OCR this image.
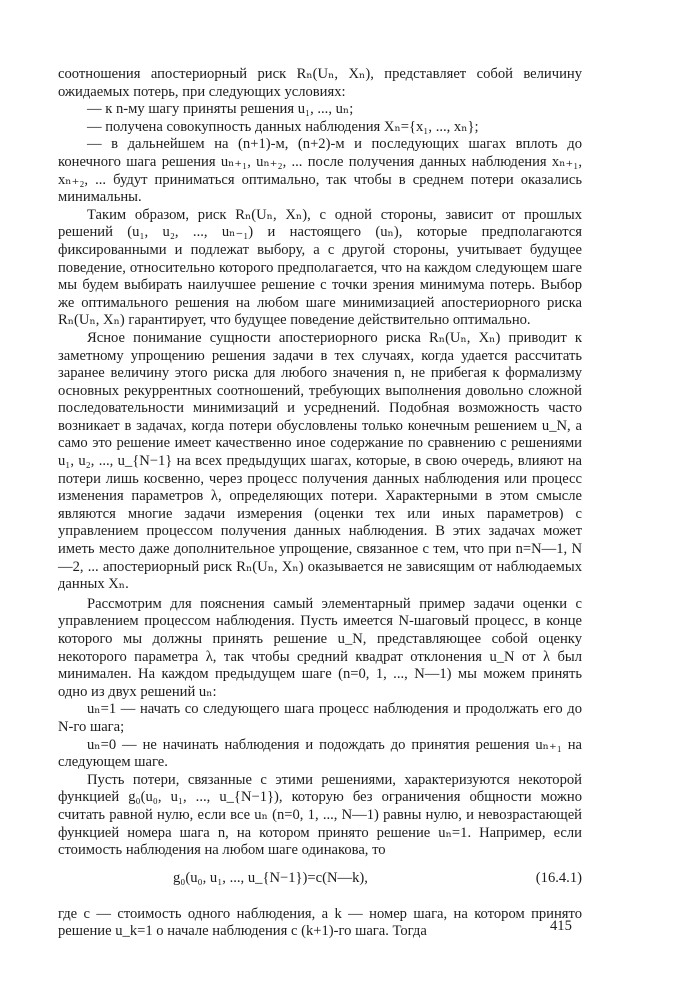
соотношения апостериорный риск Rₙ(Uₙ, Xₙ), представляет собой величину ожидаемых потерь, при следующих условиях:

— к n-му шагу приняты решения u₁, ..., uₙ;

— получена совокупность данных наблюдения Xₙ={x₁, ..., xₙ};

— в дальнейшем на (n+1)-м, (n+2)-м и последующих шагах вплоть до конечного шага решения uₙ₊₁, uₙ₊₂, ... после получения данных наблюдения xₙ₊₁, xₙ₊₂, ... будут приниматься оптимально, так чтобы в среднем потери оказались минимальны.

Таким образом, риск Rₙ(Uₙ, Xₙ), с одной стороны, зависит от прошлых решений (u₁, u₂, ..., uₙ₋₁) и настоящего (uₙ), которые предполагаются фиксированными и подлежат выбору, а с другой стороны, учитывает будущее поведение, относительно которого предполагается, что на каждом следующем шаге мы будем выбирать наилучшее решение с точки зрения минимума потерь. Выбор же оптимального решения на любом шаге минимизацией апостериорного риска Rₙ(Uₙ, Xₙ) гарантирует, что будущее поведение действительно оптимально.

Ясное понимание сущности апостериорного риска Rₙ(Uₙ, Xₙ) приводит к заметному упрощению решения задачи в тех случаях, когда удается рассчитать заранее величину этого риска для любого значения n, не прибегая к формализму основных рекуррентных соотношений, требующих выполнения довольно сложной последовательности минимизаций и усреднений. Подобная возможность часто возникает в задачах, когда потери обусловлены только конечным решением u_N, а само это решение имеет качественно иное содержание по сравнению с решениями u₁, u₂, ..., u_{N−1} на всех предыдущих шагах, которые, в свою очередь, влияют на потери лишь косвенно, через процесс получения данных наблюдения или процесс изменения параметров λ, определяющих потери. Характерными в этом смысле являются многие задачи измерения (оценки тех или иных параметров) с управлением процессом получения данных наблюдения. В этих задачах может иметь место даже дополнительное упрощение, связанное с тем, что при n=N—1, N—2, ... апостериорный риск Rₙ(Uₙ, Xₙ) оказывается не зависящим от наблюдаемых данных Xₙ.

Рассмотрим для пояснения самый элементарный пример задачи оценки с управлением процессом наблюдения. Пусть имеется N-шаговый процесс, в конце которого мы должны принять решение u_N, представляющее собой оценку некоторого параметра λ, так чтобы средний квадрат отклонения u_N от λ был минимален. На каждом предыдущем шаге (n=0, 1, ..., N—1) мы можем принять одно из двух решений uₙ:

uₙ=1 — начать со следующего шага процесс наблюдения и продолжать его до N-го шага;

uₙ=0 — не начинать наблюдения и подождать до принятия решения uₙ₊₁ на следующем шаге.

Пусть потери, связанные с этими решениями, характеризуются некоторой функцией g₀(u₀, u₁, ..., u_{N−1}), которую без ограничения общности можно считать равной нулю, если все uₙ (n=0, 1, ..., N—1) равны нулю, и невозрастающей функцией номера шага n, на котором принято решение uₙ=1. Например, если стоимость наблюдения на любом шаге одинакова, то

g₀(u₀, u₁, ..., u_{N−1})=c(N—k),	(16.4.1)

где c — стоимость одного наблюдения, а k — номер шага, на котором принято решение u_k=1 о начале наблюдения с (k+1)-го шага. Тогда	415
